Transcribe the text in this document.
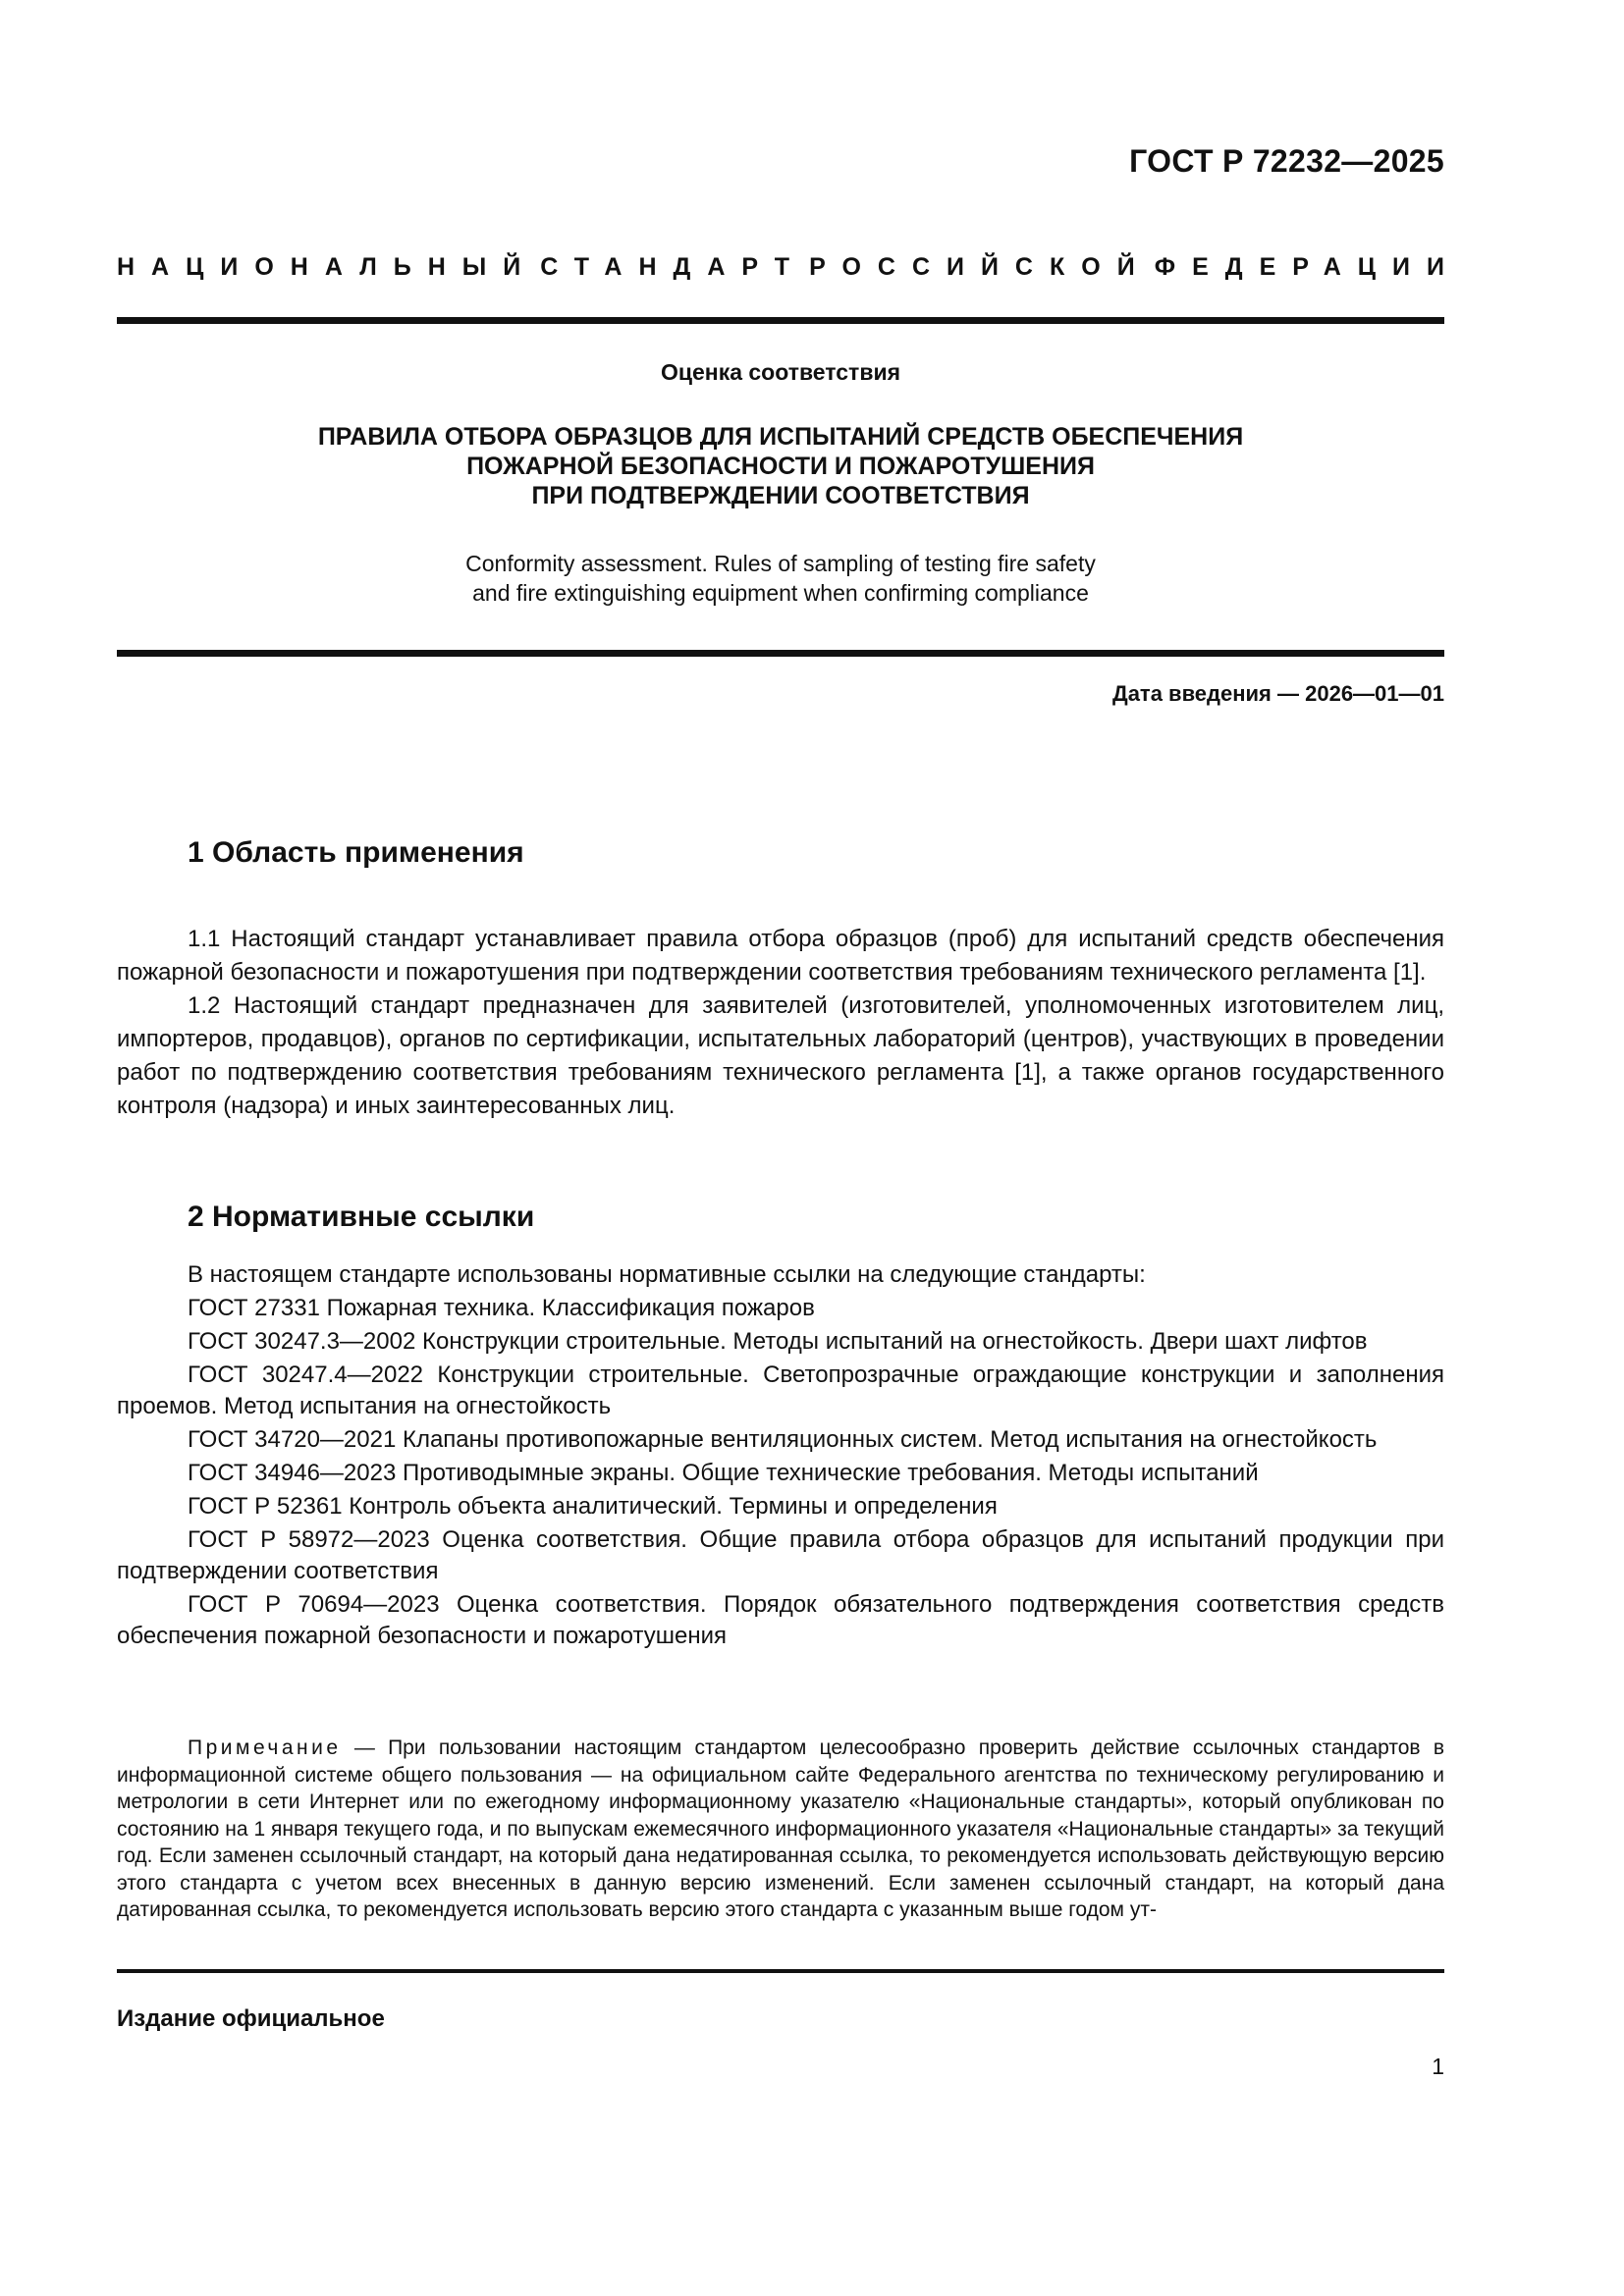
ГОСТ Р 72232—2025
НАЦИОНАЛЬНЫЙ СТАНДАРТ РОССИЙСКОЙ ФЕДЕРАЦИИ
Оценка соответствия
ПРАВИЛА ОТБОРА ОБРАЗЦОВ ДЛЯ ИСПЫТАНИЙ СРЕДСТВ ОБЕСПЕЧЕНИЯ
ПОЖАРНОЙ БЕЗОПАСНОСТИ И ПОЖАРОТУШЕНИЯ
ПРИ ПОДТВЕРЖДЕНИИ СООТВЕТСТВИЯ
Conformity assessment. Rules of sampling of testing fire safety
and fire extinguishing equipment when confirming compliance
Дата введения — 2026—01—01
1 Область применения

1.1 Настоящий стандарт устанавливает правила отбора образцов (проб) для испытаний средств обеспечения пожарной безопасности и пожаротушения при подтверждении соответствия требованиям технического регламента [1].

1.2 Настоящий стандарт предназначен для заявителей (изготовителей, уполномоченных изготовителем лиц, импортеров, продавцов), органов по сертификации, испытательных лабораторий (центров), участвующих в проведении работ по подтверждению соответствия требованиям технического регламента [1], а также органов государственного контроля (надзора) и иных заинтересованных лиц.

2 Нормативные ссылки

В настоящем стандарте использованы нормативные ссылки на следующие стандарты:

ГОСТ 27331 Пожарная техника. Классификация пожаров

ГОСТ 30247.3—2002 Конструкции строительные. Методы испытаний на огнестойкость. Двери шахт лифтов

ГОСТ 30247.4—2022 Конструкции строительные. Светопрозрачные ограждающие конструкции и заполнения проемов. Метод испытания на огнестойкость

ГОСТ 34720—2021 Клапаны противопожарные вентиляционных систем. Метод испытания на огнестойкость

ГОСТ 34946—2023 Противодымные экраны. Общие технические требования. Методы испытаний

ГОСТ Р 52361 Контроль объекта аналитический. Термины и определения

ГОСТ Р 58972—2023 Оценка соответствия. Общие правила отбора образцов для испытаний продукции при подтверждении соответствия

ГОСТ Р 70694—2023 Оценка соответствия. Порядок обязательного подтверждения соответствия средств обеспечения пожарной безопасности и пожаротушения

Примечание — При пользовании настоящим стандартом целесообразно проверить действие ссылочных стандартов в информационной системе общего пользования — на официальном сайте Федерального агентства по техническому регулированию и метрологии в сети Интернет или по ежегодному информационному указателю «Национальные стандарты», который опубликован по состоянию на 1 января текущего года, и по выпускам ежемесячного информационного указателя «Национальные стандарты» за текущий год. Если заменен ссылочный стандарт, на который дана недатированная ссылка, то рекомендуется использовать действующую версию этого стандарта с учетом всех внесенных в данную версию изменений. Если заменен ссылочный стандарт, на который дана датированная ссылка, то рекомендуется использовать версию этого стандарта с указанным выше годом ут-
Издание официальное
1
